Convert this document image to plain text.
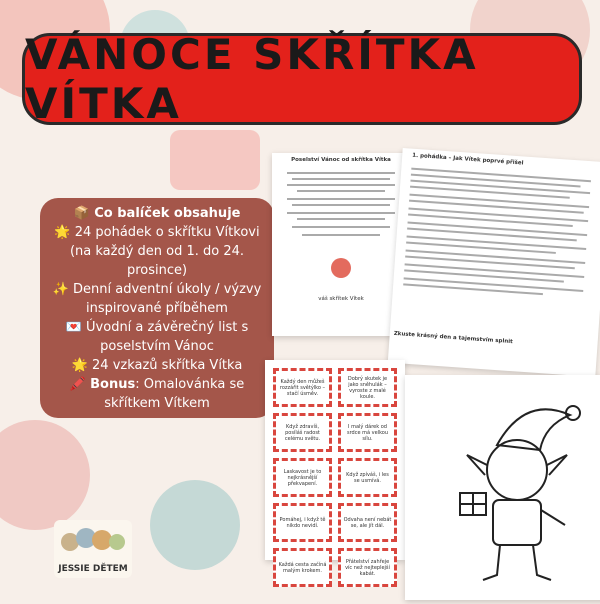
VÁNOCE SKŘÍTKA VÍTKA
📦 Co balíček obsahuje
🌟 24 pohádek o skřítku Vítkovi (na každý den od 1. do 24. prosince)
✨ Denní adventní úkoly / výzvy inspirované příběhem
💌 Úvodní a závěrečný list s poselstvím Vánoc
🌟 24 vzkazů skřítka Vítka
🖍️ Bonus: Omalovánka se skřítkem Vítkem
Poselství Vánoc od skřítka Vítka
váš skřítek Vítek
1. pohádka – Jak Vítek poprvé přišel
Zkuste krásný den a tajemstvím splnit
Každý den můžeš rozzářit světýlko – stačí úsměv.
Dobrý skutek je jako sněhulák – vyroste z malé koule.
Když zdravíš, posíláš radost celému světu.
I malý dárek od srdce má velkou sílu.
Laskavost je to nejkrásnější překvapení.
Když zpíváš, i les se usmívá.
Pomáhej, i když tě nikdo nevidí.
Odvaha není nebát se, ale jít dál.
Každá cesta začíná malým krokem.
Přátelství zahřeje víc než nejteplejší kabát.
JESSIE DĚTEM
